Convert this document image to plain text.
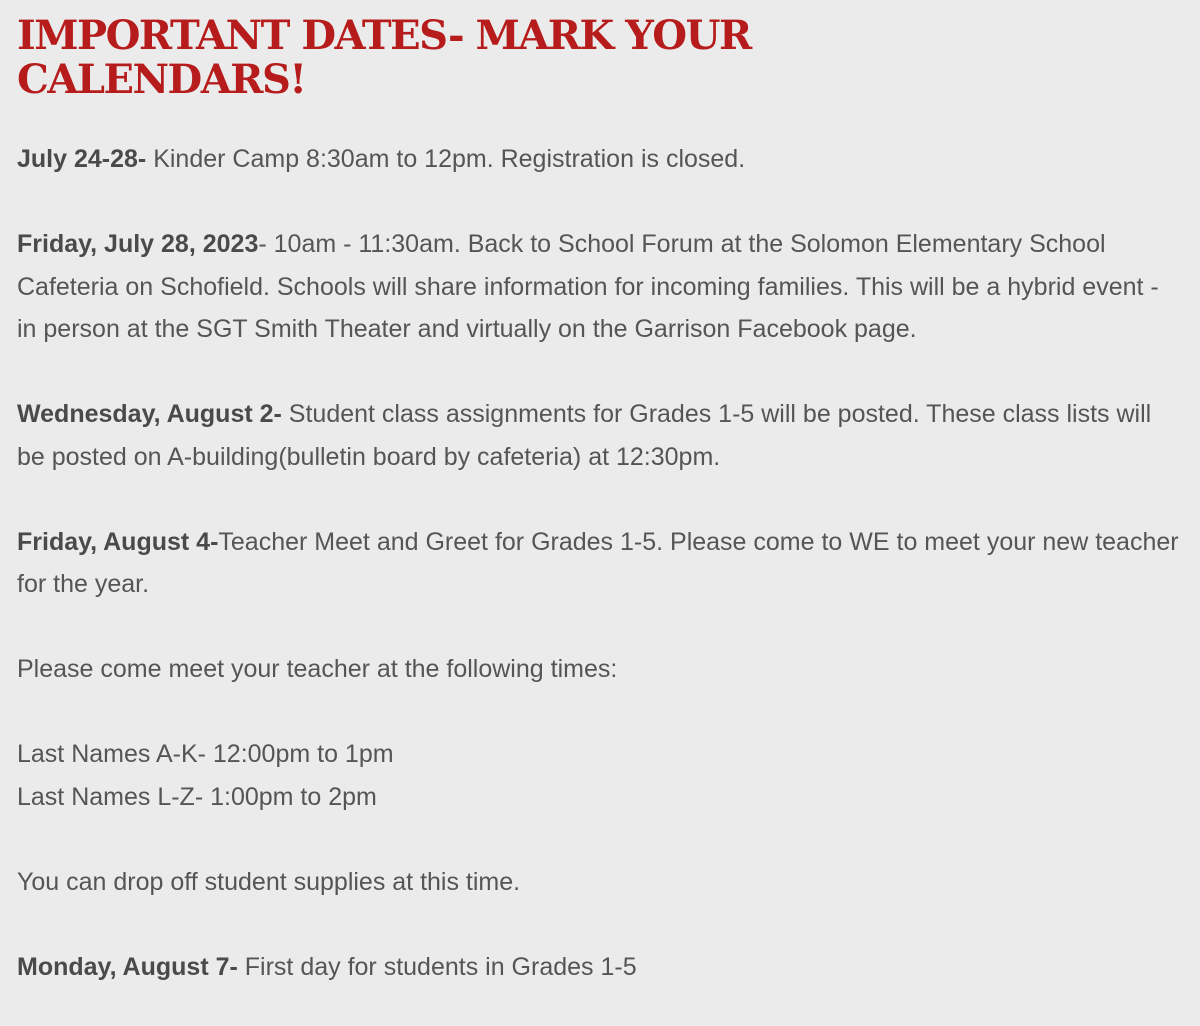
IMPORTANT DATES- MARK YOUR CALENDARS!

July 24-28- Kinder Camp 8:30am to 12pm. Registration is closed.

Friday, July 28, 2023- 10am - 11:30am. Back to School Forum at the Solomon Elementary School Cafeteria on Schofield. Schools will share information for incoming families. This will be a hybrid event - in person at the SGT Smith Theater and virtually on the Garrison Facebook page.

Wednesday, August 2- Student class assignments for Grades 1-5 will be posted. These class lists will be posted on A-building(bulletin board by cafeteria) at 12:30pm.

Friday, August 4-Teacher Meet and Greet for Grades 1-5. Please come to WE to meet your new teacher for the year.

Please come meet your teacher at the following times:

Last Names A-K- 12:00pm to 1pm

Last Names L-Z- 1:00pm to 2pm

You can drop off student supplies at this time.

Monday, August 7- First day for students in Grades 1-5
